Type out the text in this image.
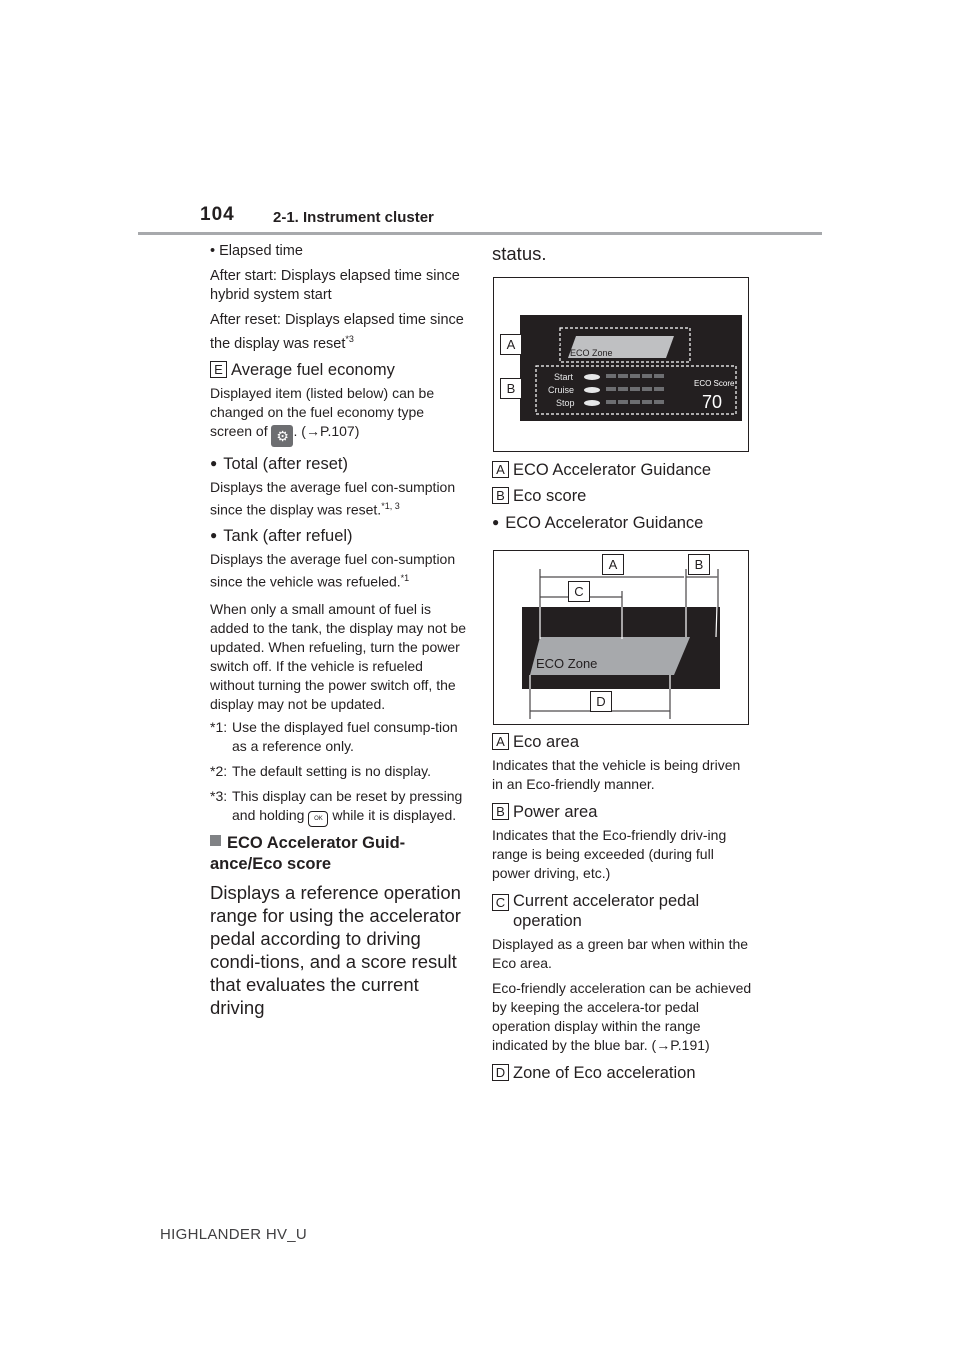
104	2-1. Instrument cluster
• Elapsed time
After start: Displays elapsed time since hybrid system start
After reset: Displays elapsed time since the display was reset$^{*3}$
E Average fuel economy
Displayed item (listed below) can be changed on the fuel economy type screen of ⚙ . (→P.107)
● Total (after reset)
Displays the average fuel con-sumption since the display was reset.$^{*1, 3}$
● Tank (after refuel)
Displays the average fuel con-sumption since the vehicle was refueled.$^{*1}$
When only a small amount of fuel is added to the tank, the display may not be updated. When refueling, turn the power switch off. If the vehicle is refueled without turning the power switch off, the display may not be updated.
*1: Use the displayed fuel consump-tion as a reference only.
*2: The default setting is no display.
*3: This display can be reset by pressing and holding OK while it is displayed.
ECO Accelerator Guid-ance/Eco score
Displays a reference operation range for using the accelerator pedal according to driving condi-tions, and a score result that evaluates the current driving
status.
ECO Zone
Start
Cruise
Stop
ECO Score
70
A
B
A ECO Accelerator Guidance
B Eco score
● ECO Accelerator Guidance
ECO Zone
A	B
C
D
A Eco area
Indicates that the vehicle is being driven in an Eco-friendly manner.
B Power area
Indicates that the Eco-friendly driv-ing range is being exceeded (during full power driving, etc.)
C Current accelerator pedal operation
Displayed as a green bar when within the Eco area.
Eco-friendly acceleration can be achieved by keeping the accelera-tor pedal operation display within the range indicated by the blue bar. (→P.191)
D Zone of Eco acceleration
HIGHLANDER HV_U
